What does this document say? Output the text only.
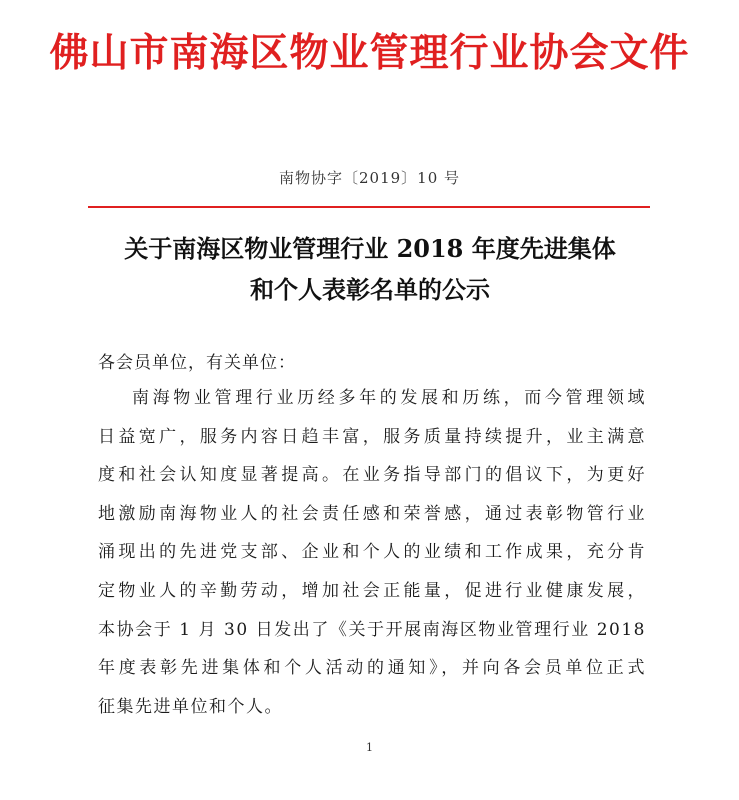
佛山市南海区物业管理行业协会文件
南物协字〔2019〕10 号
关于南海区物业管理行业 2018 年度先进集体
和个人表彰名单的公示
各会员单位，有关单位：
南海物业管理行业历经多年的发展和历练，而今管理领域
日益宽广，服务内容日趋丰富，服务质量持续提升，业主满意
度和社会认知度显著提高。在业务指导部门的倡议下，为更好
地激励南海物业人的社会责任感和荣誉感，通过表彰物管行业
涌现出的先进党支部、企业和个人的业绩和工作成果，充分肯
定物业人的辛勤劳动，增加社会正能量，促进行业健康发展，
本协会于 1 月 30 日发出了《关于开展南海区物业管理行业 2018
年度表彰先进集体和个人活动的通知》，并向各会员单位正式
征集先进单位和个人。
1
